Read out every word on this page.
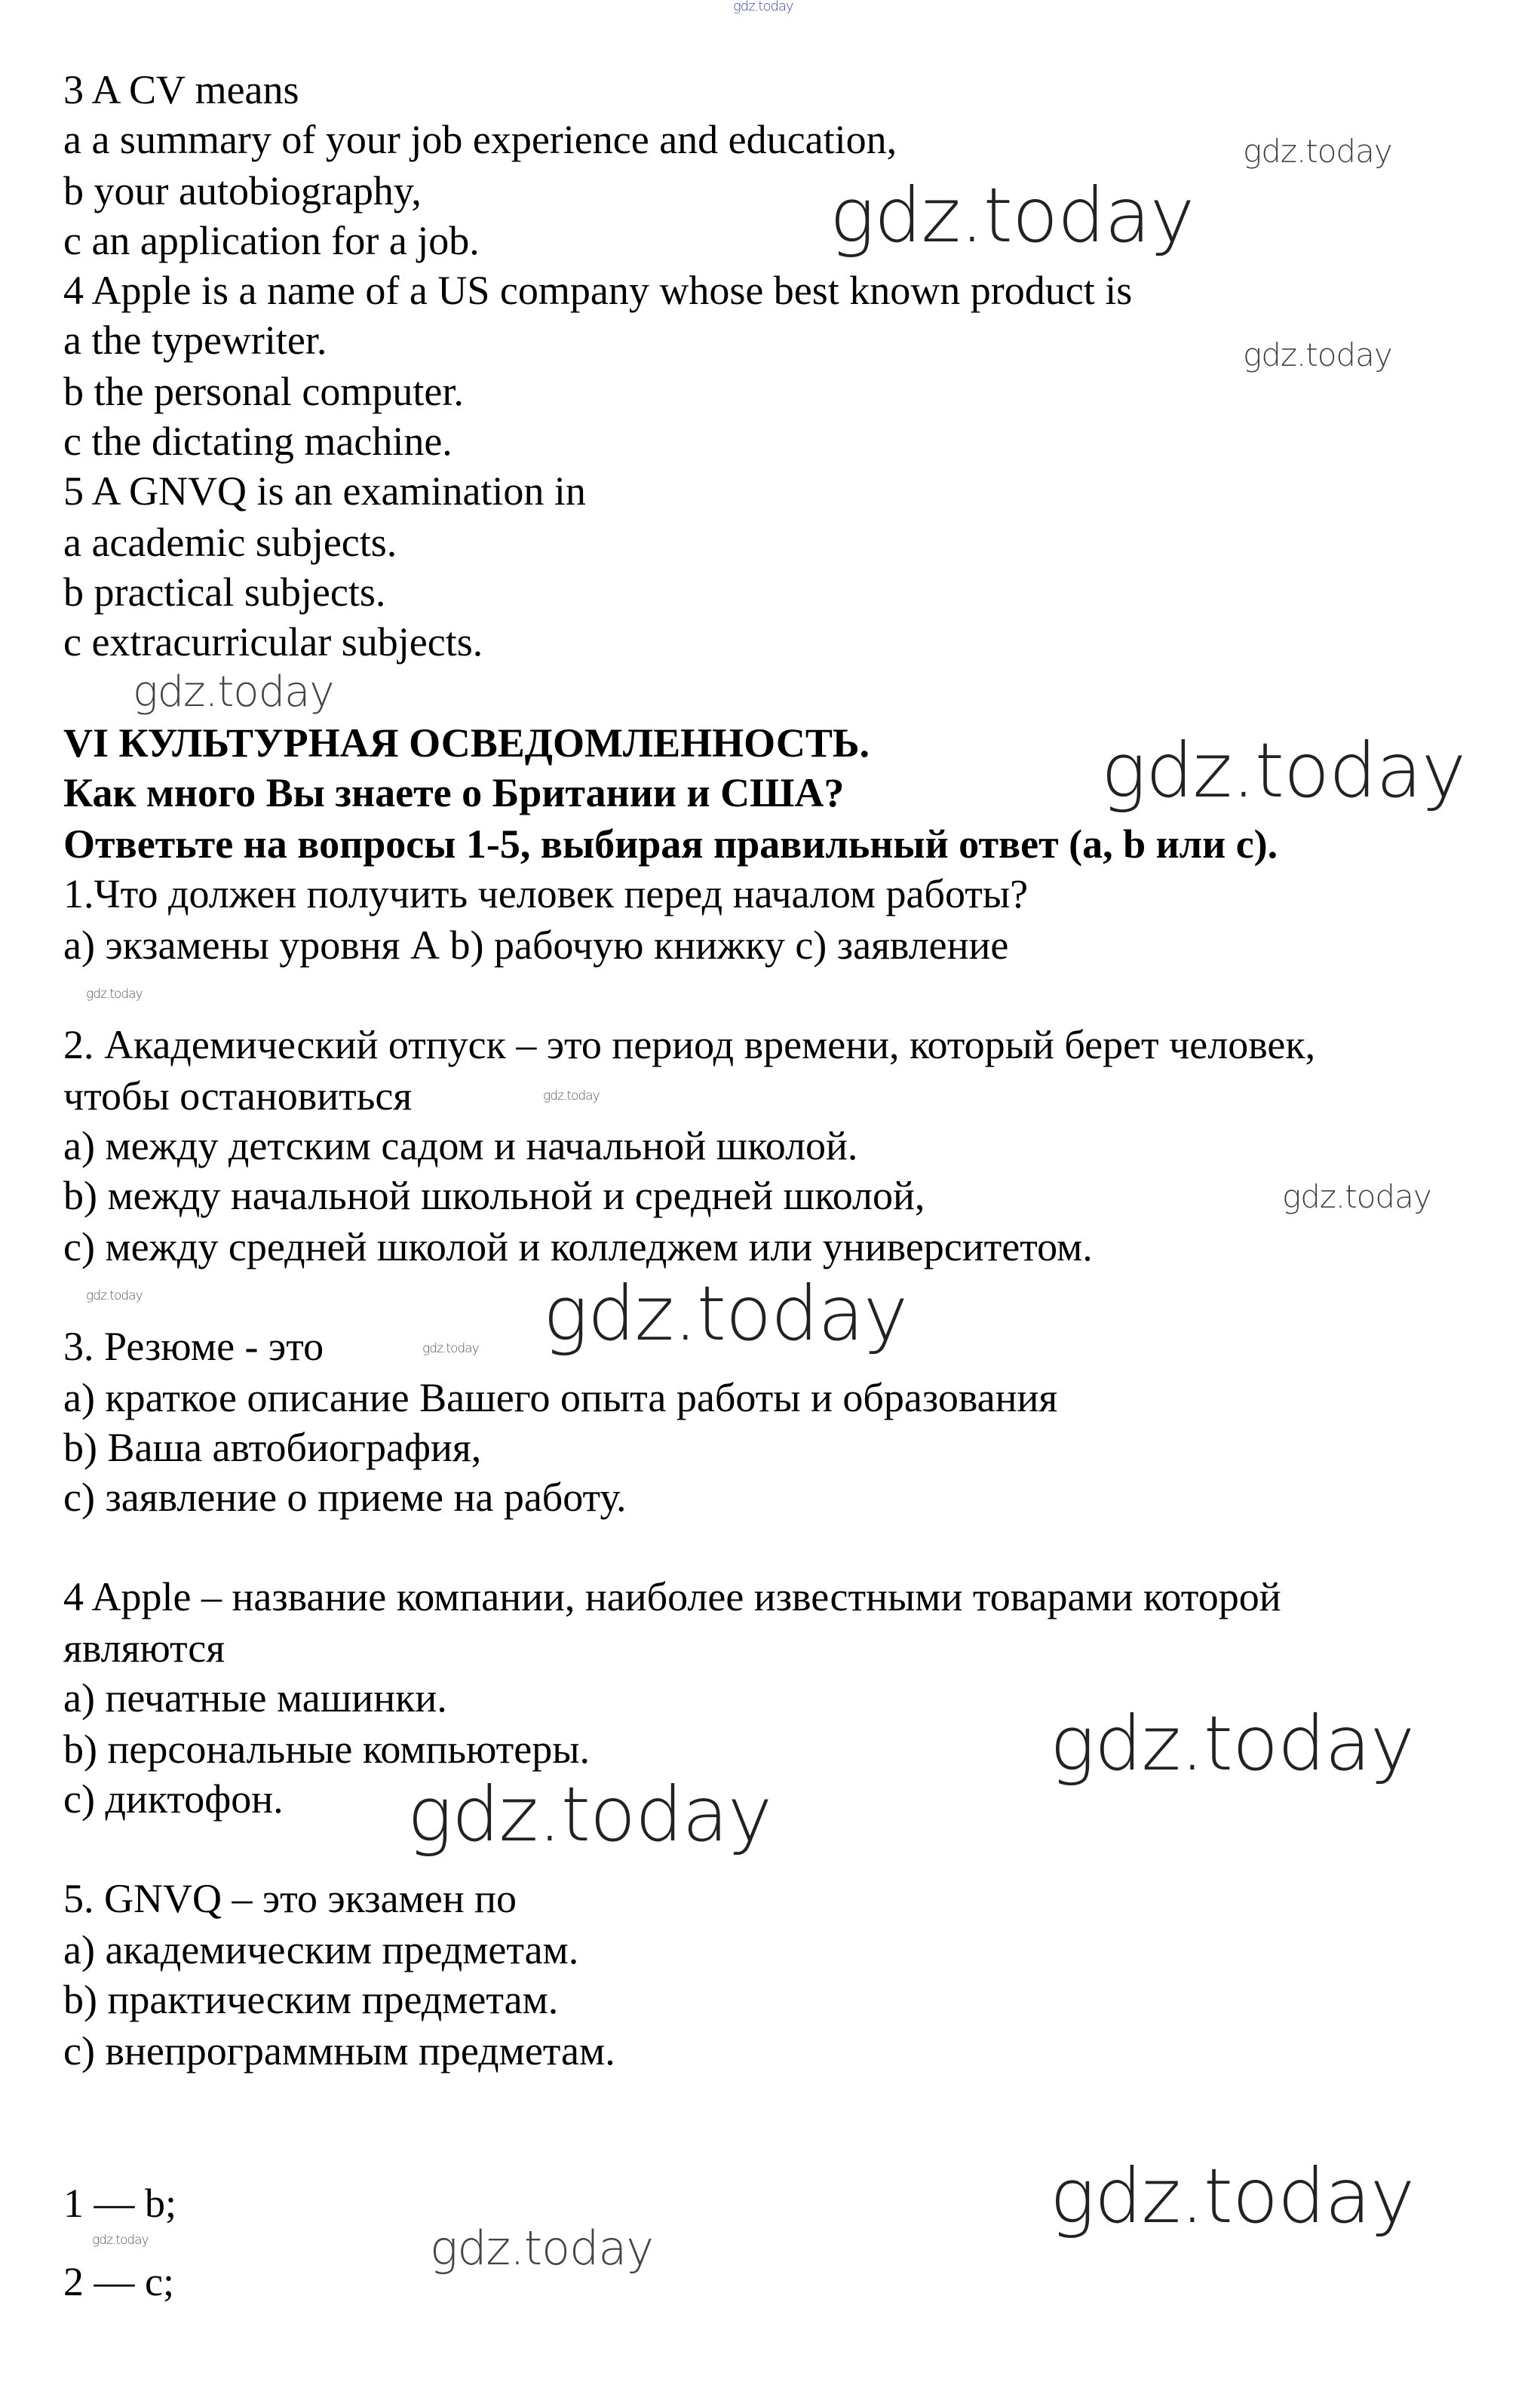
gdz.today
3 A CV means
a a summary of your job experience and education,
b your autobiography,
c an application for a job.
4 Apple is a name of a US company whose best known product is
a the typewriter.
b the personal computer.
c the dictating machine.
5 A GNVQ is an examination in
a academic subjects.
b practical subjects.
c extracurricular subjects.
VI КУЛЬТУРНАЯ ОСВЕДОМЛЕННОСТЬ.
Как много Вы знаете о Британии и США?
Ответьте на вопросы 1-5, выбирая правильный ответ (a, b или c).
1.Что должен получить человек перед началом работы?
а) экзамены уровня А b) рабочую книжку с) заявление
2. Академический отпуск – это период времени, который берет человек,
чтобы остановиться
а) между детским садом и начальной школой.
b) между начальной школьной и средней школой,
с) между средней школой и колледжем или университетом.
3. Резюме - это
а) краткое описание Вашего опыта работы и образования
b) Ваша автобиография,
с) заявление о приеме на работу.
4 Apple – название компании, наиболее известными товарами которой
являются
а) печатные машинки.
b) персональные компьютеры.
с) диктофон.
5. GNVQ – это экзамен по
а) академическим предметам.
b) практическим предметам.
с) внепрограммным предметам.
1 — b;
2 — c;
gdz.today
gdz.today
gdz.today
gdz.today
gdz.today
gdz.today
gdz.today
gdz.today
gdz.today	gdz.today
gdz.today
gdz.today
gdz.today
gdz.today
gdz.today	gdz.today
